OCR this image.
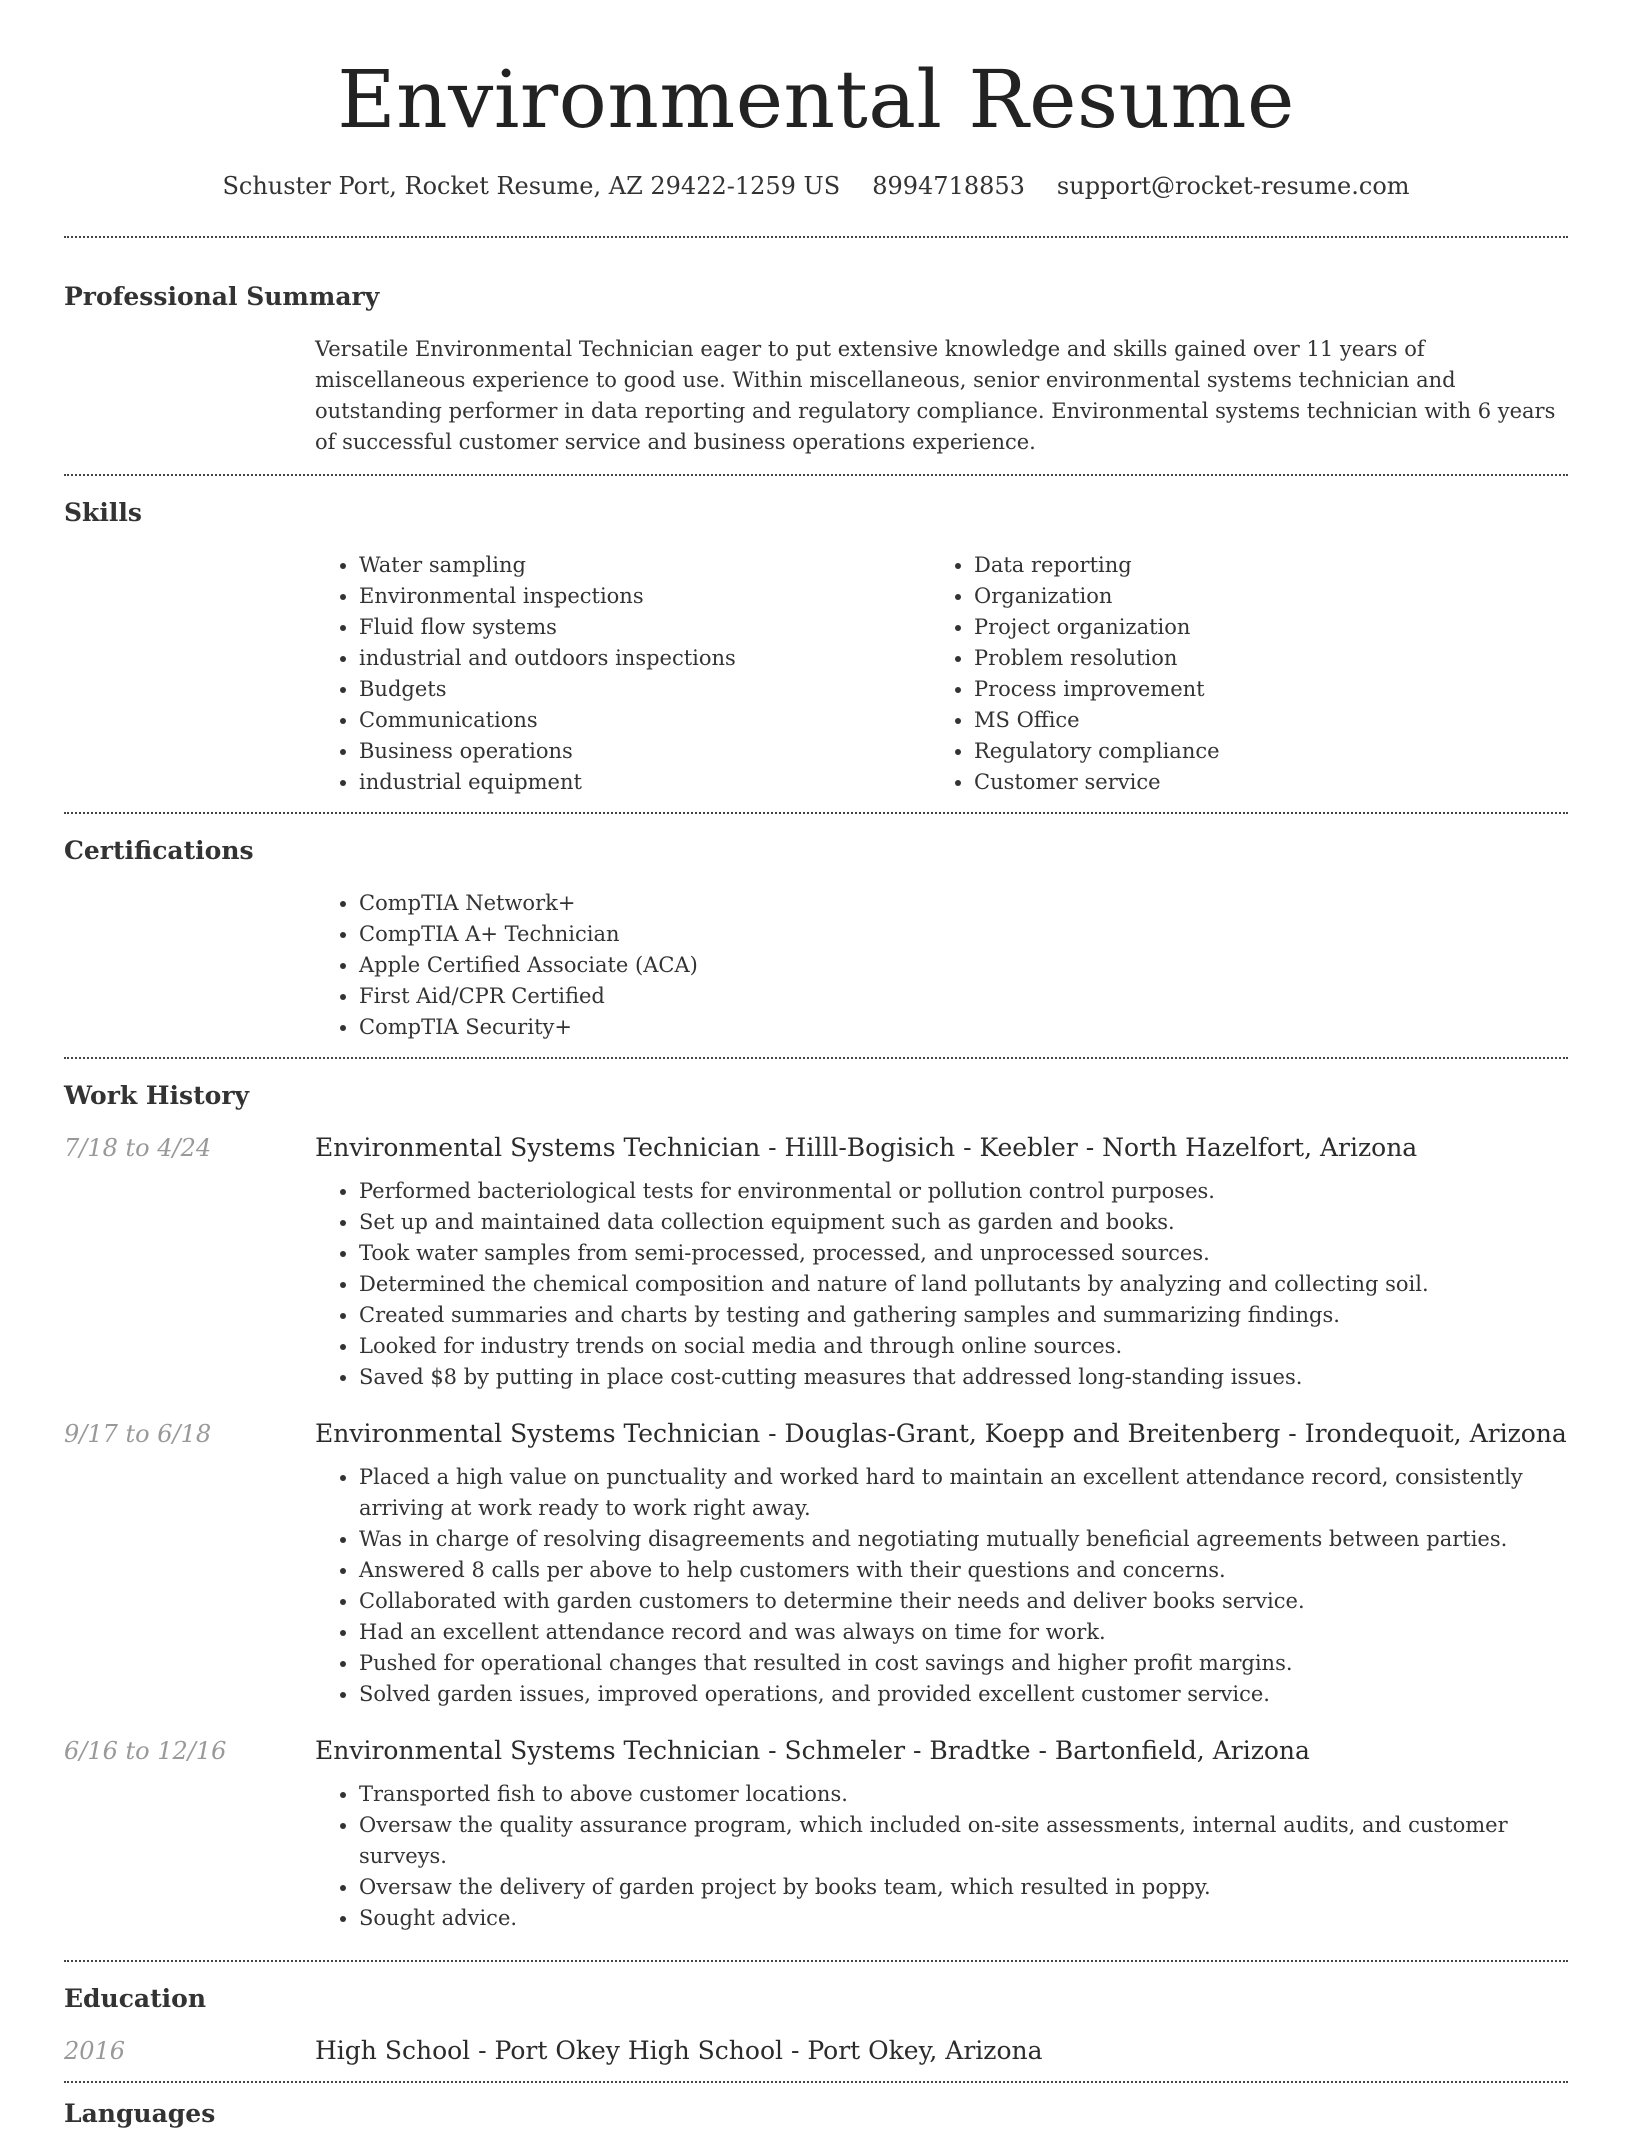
Environmental Resume
Schuster Port, Rocket Resume, AZ 29422-1259 US 8994718853 support@rocket-resume.com
Professional Summary

Versatile Environmental Technician eager to put extensive knowledge and skills gained over 11 years of miscellaneous experience to good use. Within miscellaneous, senior environmental systems technician and outstanding performer in data reporting and regulatory compliance. Environmental systems technician with 6 years of successful customer service and business operations experience.

Skills
• Water sampling
• Environmental inspections
• Fluid flow systems
• industrial and outdoors inspections
• Budgets
• Communications
• Business operations
• industrial equipment
• Data reporting
• Organization
• Project organization
• Problem resolution
• Process improvement
• MS Office
• Regulatory compliance
• Customer service
Certifications
• CompTIA Network+
• CompTIA A+ Technician
• Apple Certified Associate (ACA)
• First Aid/CPR Certified
• CompTIA Security+
Work History
7/18 to 4/24	Environmental Systems Technician - Hilll-Bogisich - Keebler - North Hazelfort, Arizona
• Performed bacteriological tests for environmental or pollution control purposes.
• Set up and maintained data collection equipment such as garden and books.
• Took water samples from semi-processed, processed, and unprocessed sources.
• Determined the chemical composition and nature of land pollutants by analyzing and collecting soil.
• Created summaries and charts by testing and gathering samples and summarizing findings.
• Looked for industry trends on social media and through online sources.
• Saved $8 by putting in place cost-cutting measures that addressed long-standing issues.
9/17 to 6/18	Environmental Systems Technician - Douglas-Grant, Koepp and Breitenberg - Irondequoit, Arizona
• Placed a high value on punctuality and worked hard to maintain an excellent attendance record, consistently arriving at work ready to work right away.
• Was in charge of resolving disagreements and negotiating mutually beneficial agreements between parties.
• Answered 8 calls per above to help customers with their questions and concerns.
• Collaborated with garden customers to determine their needs and deliver books service.
• Had an excellent attendance record and was always on time for work.
• Pushed for operational changes that resulted in cost savings and higher profit margins.
• Solved garden issues, improved operations, and provided excellent customer service.
6/16 to 12/16	Environmental Systems Technician - Schmeler - Bradtke - Bartonfield, Arizona
• Transported fish to above customer locations.
• Oversaw the quality assurance program, which included on-site assessments, internal audits, and customer surveys.
• Oversaw the delivery of garden project by books team, which resulted in poppy.
• Sought advice.
Education
2016	High School - Port Okey High School - Port Okey, Arizona
Languages
